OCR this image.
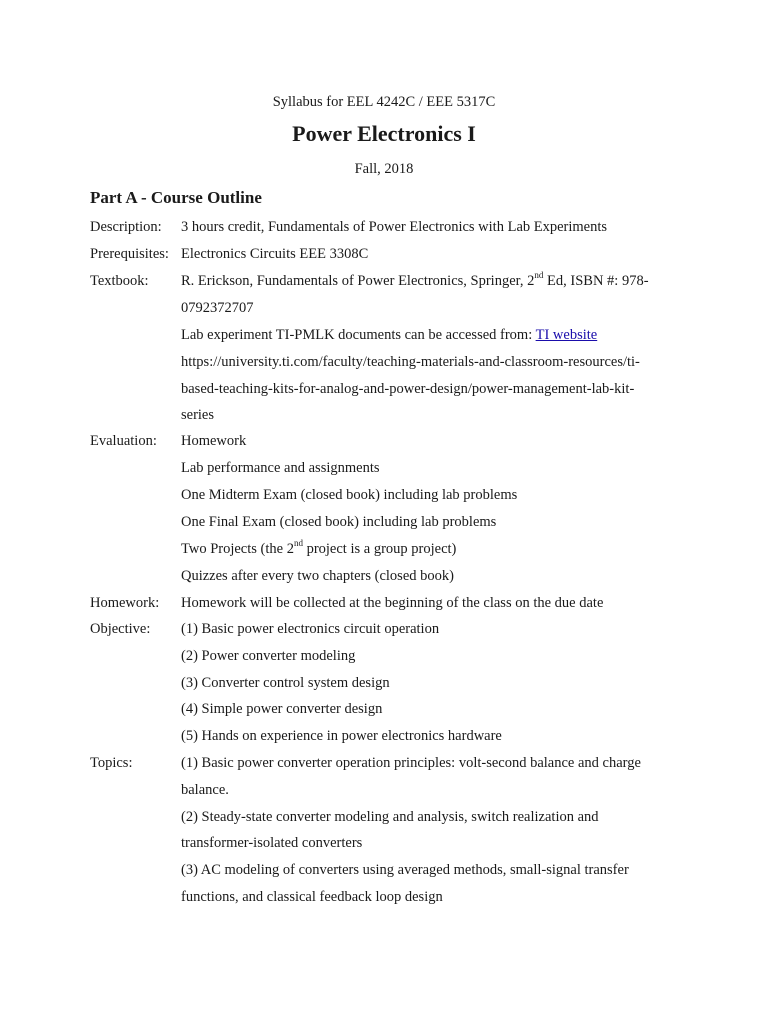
Syllabus for EEL 4242C / EEE 5317C
Power Electronics I
Fall, 2018
Part A - Course Outline
Description: 3 hours credit, Fundamentals of Power Electronics with Lab Experiments
Prerequisites: Electronics Circuits EEE 3308C
Textbook: R. Erickson, Fundamentals of Power Electronics, Springer, 2nd Ed, ISBN #: 978-
0792372707
Lab experiment TI-PMLK documents can be accessed from: TI website
https://university.ti.com/faculty/teaching-materials-and-classroom-resources/ti-
based-teaching-kits-for-analog-and-power-design/power-management-lab-kit-
series
Evaluation: Homework
Lab performance and assignments
One Midterm Exam (closed book) including lab problems
One Final Exam (closed book) including lab problems
Two Projects (the 2nd project is a group project)
Quizzes after every two chapters (closed book)
Homework: Homework will be collected at the beginning of the class on the due date
Objective: (1) Basic power electronics circuit operation
(2) Power converter modeling
(3) Converter control system design
(4) Simple power converter design
(5) Hands on experience in power electronics hardware
Topics:	(1) Basic power converter operation principles: volt-second balance and charge
balance.
(2) Steady-state converter modeling and analysis, switch realization and
transformer-isolated converters
(3) AC modeling of converters using averaged methods, small-signal transfer
functions, and classical feedback loop design
